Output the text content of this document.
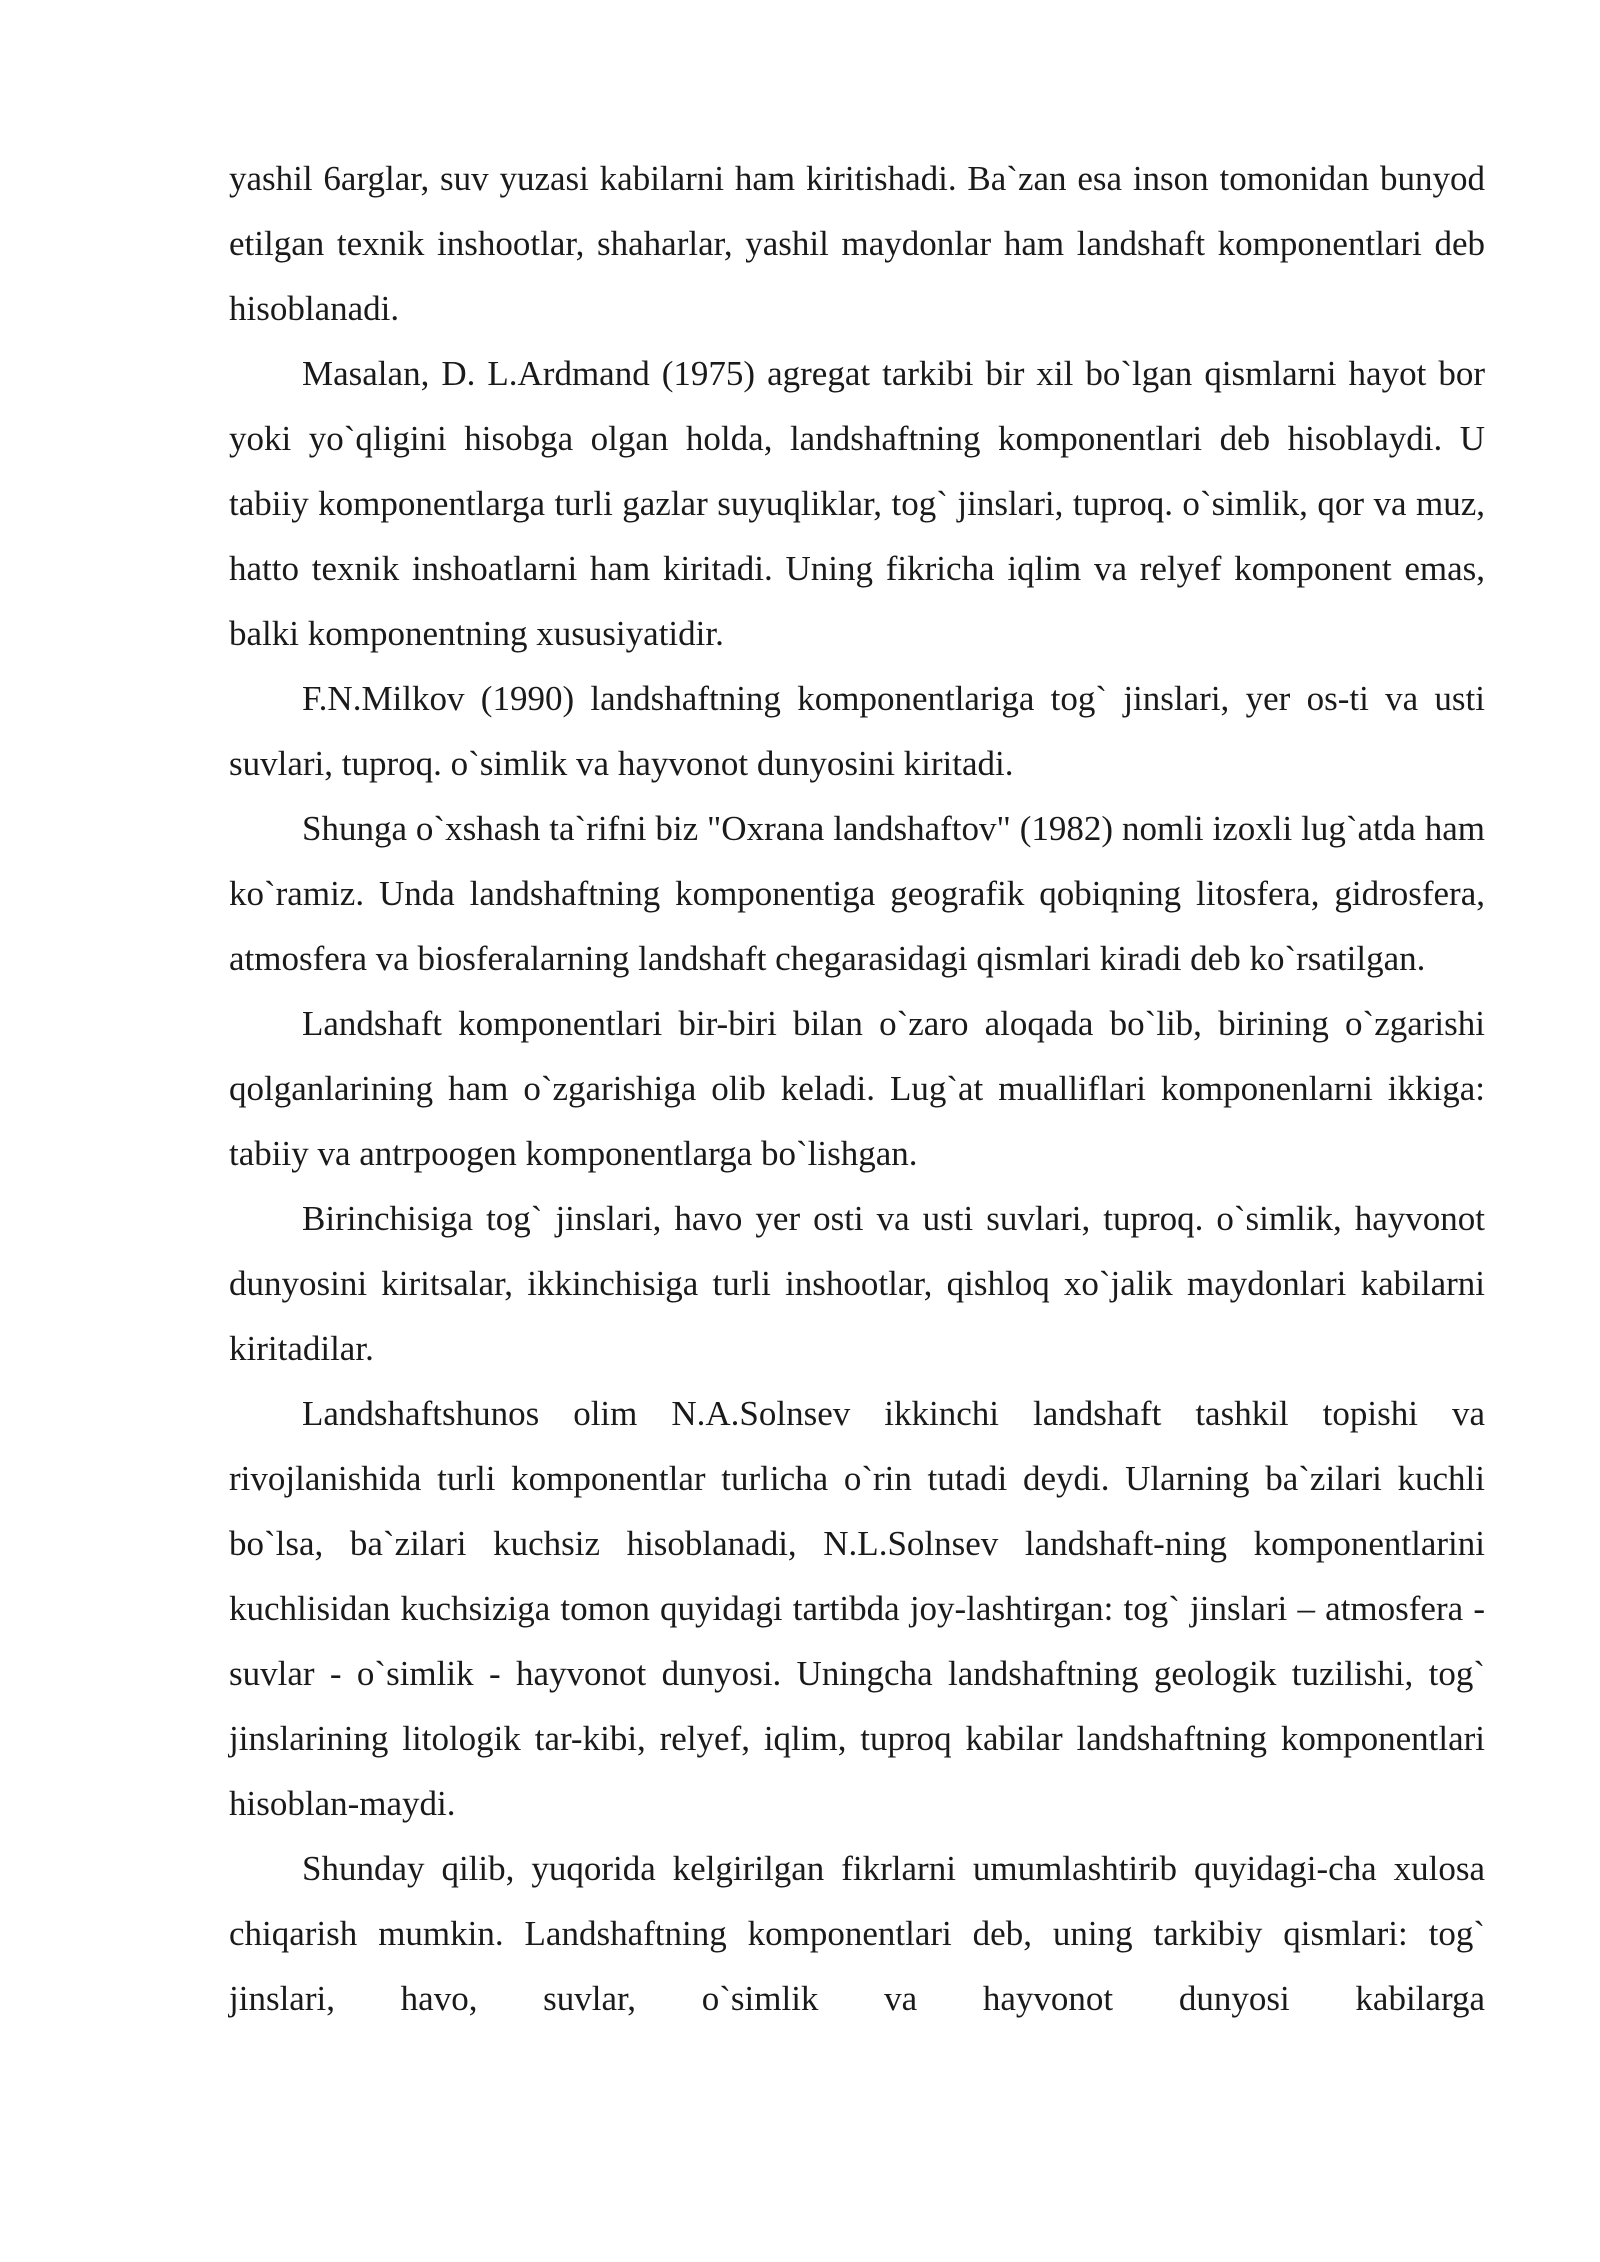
yashil 6arglar, suv yuzasi kabilarni ham kiritishadi. Ba`zan esa inson tomonidan bunyod etilgan texnik inshootlar, shaharlar, yashil maydonlar ham landshaft komponentlari deb hisoblanadi.

Masalan, D. L.Ardmand (1975) agregat tarkibi bir xil bo`lgan qismlarni hayot bor yoki yo`qligini hisobga olgan holda, landshaftning komponentlari deb hisoblaydi. U tabiiy komponentlarga turli gazlar suyuqliklar, tog` jinslari, tuproq. o`simlik, qor va muz, hatto texnik inshoatlarni ham kiritadi. Uning fikricha iqlim va relyef komponent emas, balki komponentning xususiyatidir.

F.N.Milkov (1990) landshaftning komponentlariga tog` jinslari, yer os-ti va usti suvlari, tuproq. o`simlik va hayvonot dunyosini kiritadi.

Shunga o`xshash ta`rifni biz "Oxrana landshaftov" (1982) nomli izoxli lug`atda ham ko`ramiz. Unda landshaftning komponentiga geografik qobiqning litosfera, gidrosfera, atmosfera va biosferalarning landshaft chegarasidagi qismlari kiradi deb ko`rsatilgan.

Landshaft komponentlari bir-biri bilan o`zaro aloqada bo`lib, birining o`zgarishi qolganlarining ham o`zgarishiga olib keladi. Lug`at mualliflari komponenlarni ikkiga: tabiiy va antrpoogen komponentlarga bo`lishgan.

Birinchisiga tog` jinslari, havo yer osti va usti suvlari, tuproq. o`simlik, hayvonot dunyosini kiritsalar, ikkinchisiga turli inshootlar, qishloq xo`jalik maydonlari kabilarni kiritadilar.

Landshaftshunos olim N.A.Solnsev ikkinchi landshaft tashkil topishi va rivojlanishida turli komponentlar turlicha o`rin tutadi deydi. Ularning ba`zilari kuchli bo`lsa, ba`zilari kuchsiz hisoblanadi, N.L.Solnsev landshaft-ning komponentlarini kuchlisidan kuchsiziga tomon quyidagi tartibda joy-lashtirgan: tog` jinslari – atmosfera - suvlar - o`simlik - hayvonot dunyosi. Uningcha landshaftning geologik tuzilishi, tog` jinslarining litologik tar-kibi, relyef, iqlim, tuproq kabilar landshaftning komponentlari hisoblan-maydi.

Shunday qilib, yuqorida kelgirilgan fikrlarni umumlashtirib quyidagi-cha xulosa chiqarish mumkin. Landshaftning komponentlari deb, uning tarkibiy qismlari: tog` jinslari, havo, suvlar, o`simlik va hayvonot dunyosi kabilarga
